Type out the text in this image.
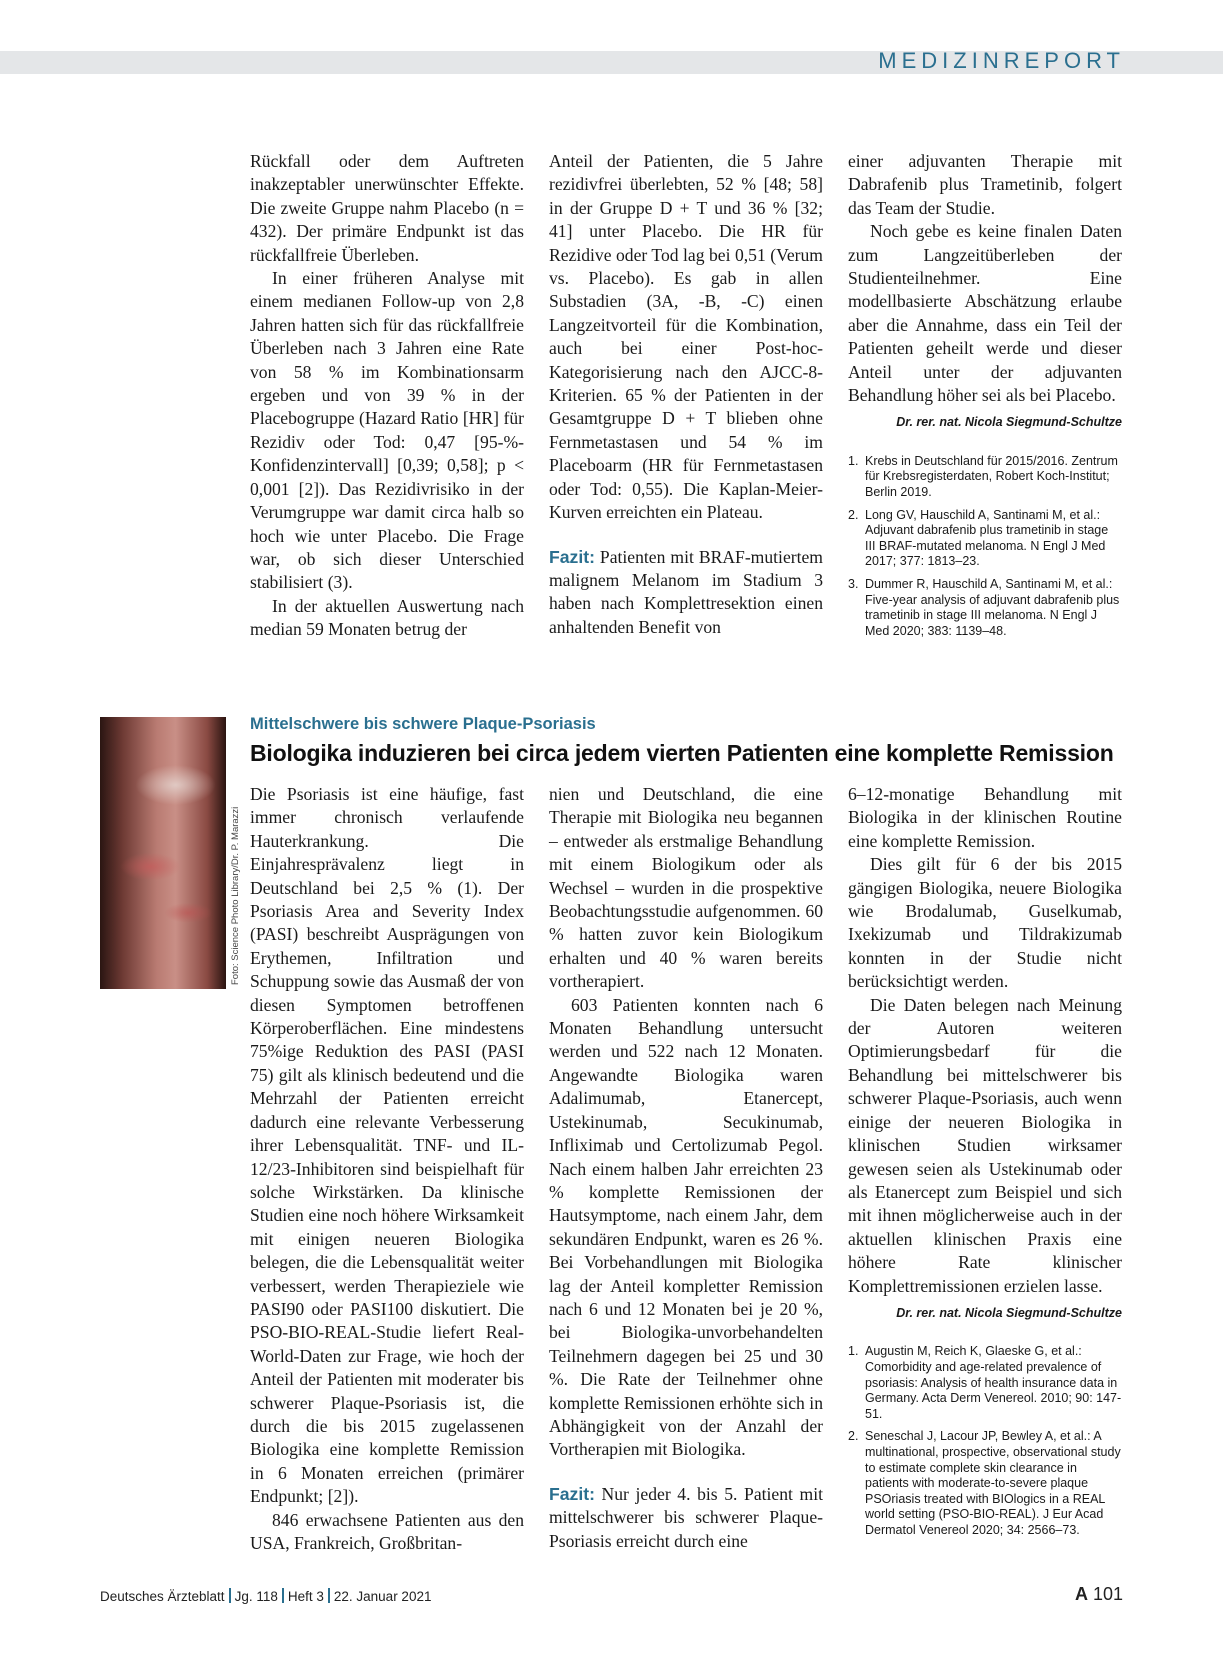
MEDIZINREPORT

Rückfall oder dem Auftreten inakzeptabler unerwünschter Effekte. Die zweite Gruppe nahm Placebo (n = 432). Der primäre Endpunkt ist das rückfallfreie Überleben.

In einer früheren Analyse mit einem medianen Follow-up von 2,8 Jahren hatten sich für das rückfallfreie Überleben nach 3 Jahren eine Rate von 58 % im Kombinationsarm ergeben und von 39 % in der Placebogruppe (Hazard Ratio [HR] für Rezidiv oder Tod: 0,47 [95-%-Konfidenzintervall] [0,39; 0,58]; p < 0,001 [2]). Das Rezidivrisiko in der Verumgruppe war damit circa halb so hoch wie unter Placebo. Die Frage war, ob sich dieser Unterschied stabilisiert (3).

In der aktuellen Auswertung nach median 59 Monaten betrug der

Anteil der Patienten, die 5 Jahre rezidivfrei überlebten, 52 % [48; 58] in der Gruppe D + T und 36 % [32; 41] unter Placebo. Die HR für Rezidive oder Tod lag bei 0,51 (Verum vs. Placebo). Es gab in allen Substadien (3A, -B, -C) einen Langzeitvorteil für die Kombination, auch bei einer Post-hoc-Kategorisierung nach den AJCC-8-Kriterien. 65 % der Patienten in der Gesamtgruppe D + T blieben ohne Fernmetastasen und 54 % im Placeboarm (HR für Fernmetastasen oder Tod: 0,55). Die Kaplan-Meier-Kurven erreichten ein Plateau.

Fazit: Patienten mit BRAF-mutiertem malignem Melanom im Stadium 3 haben nach Komplettresektion einen anhaltenden Benefit von

einer adjuvanten Therapie mit Dabrafenib plus Trametinib, folgert das Team der Studie.

Noch gebe es keine finalen Daten zum Langzeitüberleben der Studienteilnehmer. Eine modellbasierte Abschätzung erlaube aber die Annahme, dass ein Teil der Patienten geheilt werde und dieser Anteil unter der adjuvanten Behandlung höher sei als bei Placebo.

Dr. rer. nat. Nicola Siegmund-Schultze
1. Krebs in Deutschland für 2015/2016. Zentrum für Krebsregisterdaten, Robert Koch-Institut; Berlin 2019.
2. Long GV, Hauschild A, Santinami M, et al.: Adjuvant dabrafenib plus trametinib in stage III BRAF-mutated melanoma. N Engl J Med 2017; 377: 1813–23.
3. Dummer R, Hauschild A, Santinami M, et al.: Five-year analysis of adjuvant dabrafenib plus trametinib in stage III melanoma. N Engl J Med 2020; 383: 1139–48.
Foto: Science Photo Library/Dr. P. Marazzi
Mittelschwere bis schwere Plaque-Psoriasis
Biologika induzieren bei circa jedem vierten Patienten eine komplette Remission

Die Psoriasis ist eine häufige, fast immer chronisch verlaufende Hauterkrankung. Die Einjahresprävalenz liegt in Deutschland bei 2,5 % (1). Der Psoriasis Area and Severity Index (PASI) beschreibt Ausprägungen von Erythemen, Infiltration und Schuppung sowie das Ausmaß der von diesen Symptomen betroffenen Körperoberflächen. Eine mindestens 75%ige Reduktion des PASI (PASI 75) gilt als klinisch bedeutend und die Mehrzahl der Patienten erreicht dadurch eine relevante Verbesserung ihrer Lebensqualität. TNF- und IL-12/23-Inhibitoren sind beispielhaft für solche Wirkstärken. Da klinische Studien eine noch höhere Wirksamkeit mit einigen neueren Biologika belegen, die die Lebensqualität weiter verbessert, werden Therapieziele wie PASI90 oder PASI100 diskutiert. Die PSO-BIO-REAL-Studie liefert Real-World-Daten zur Frage, wie hoch der Anteil der Patienten mit moderater bis schwerer Plaque-Psoriasis ist, die durch die bis 2015 zugelassenen Biologika eine komplette Remission in 6 Monaten erreichen (primärer Endpunkt; [2]).

846 erwachsene Patienten aus den USA, Frankreich, Großbritan-

nien und Deutschland, die eine Therapie mit Biologika neu begannen – entweder als erstmalige Behandlung mit einem Biologikum oder als Wechsel – wurden in die prospektive Beobachtungsstudie aufgenommen. 60 % hatten zuvor kein Biologikum erhalten und 40 % waren bereits vortherapiert.

603 Patienten konnten nach 6 Monaten Behandlung untersucht werden und 522 nach 12 Monaten. Angewandte Biologika waren Adalimumab, Etanercept, Ustekinumab, Secukinumab, Infliximab und Certolizumab Pegol. Nach einem halben Jahr erreichten 23 % komplette Remissionen der Hautsymptome, nach einem Jahr, dem sekundären Endpunkt, waren es 26 %. Bei Vorbehandlungen mit Biologika lag der Anteil kompletter Remission nach 6 und 12 Monaten bei je 20 %, bei Biologika-unvorbehandelten Teilnehmern dagegen bei 25 und 30 %. Die Rate der Teilnehmer ohne komplette Remissionen erhöhte sich in Abhängigkeit von der Anzahl der Vortherapien mit Biologika.

Fazit: Nur jeder 4. bis 5. Patient mit mittelschwerer bis schwerer Plaque-Psoriasis erreicht durch eine

6–12-monatige Behandlung mit Biologika in der klinischen Routine eine komplette Remission.

Dies gilt für 6 der bis 2015 gängigen Biologika, neuere Biologika wie Brodalumab, Guselkumab, Ixekizumab und Tildrakizumab konnten in der Studie nicht berücksichtigt werden.

Die Daten belegen nach Meinung der Autoren weiteren Optimierungsbedarf für die Behandlung bei mittelschwerer bis schwerer Plaque-Psoriasis, auch wenn einige der neueren Biologika in klinischen Studien wirksamer gewesen seien als Ustekinumab oder als Etanercept zum Beispiel und sich mit ihnen möglicherweise auch in der aktuellen klinischen Praxis eine höhere Rate klinischer Komplettremissionen erzielen lasse.

Dr. rer. nat. Nicola Siegmund-Schultze
1. Augustin M, Reich K, Glaeske G, et al.: Comorbidity and age-related prevalence of psoriasis: Analysis of health insurance data in Germany. Acta Derm Venereol. 2010; 90: 147-51.
2. Seneschal J, Lacour JP, Bewley A, et al.: A multinational, prospective, observational study to estimate complete skin clearance in patients with moderate-to-severe plaque PSOriasis treated with BIOlogics in a REAL world setting (PSO-BIO-REAL). J Eur Acad Dermatol Venereol 2020; 34: 2566–73.
Deutsches Ärzteblatt Jg. 118 Heft 3 22. Januar 2021	A 101
